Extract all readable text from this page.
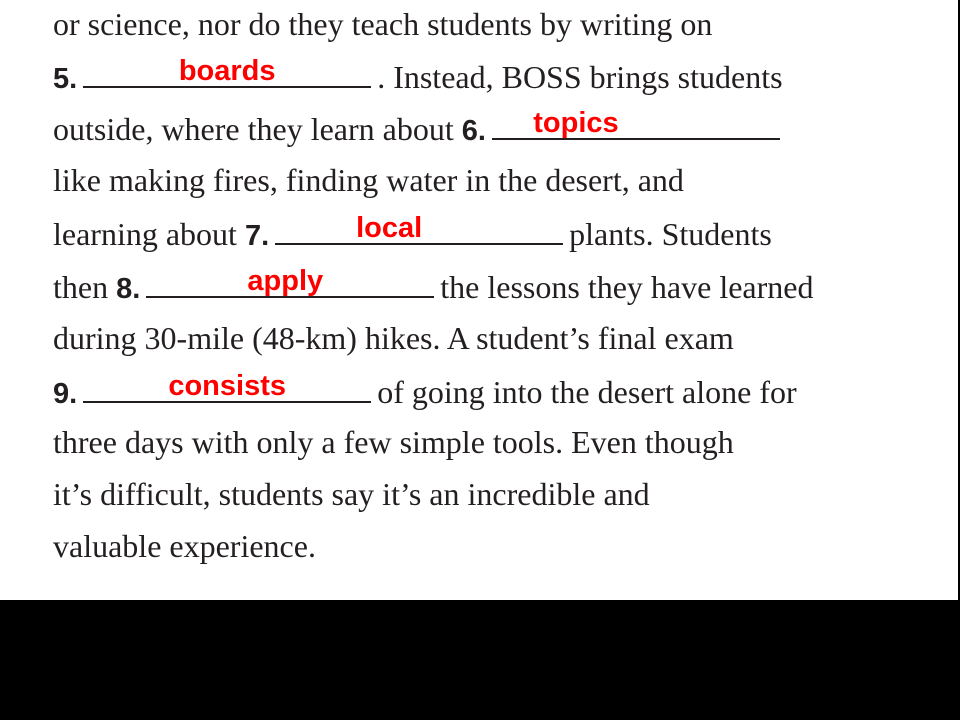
or science, nor do they teach students by writing on
5.	boards	. Instead, BOSS brings students
outside, where they learn about 6.	topics
like making fires, finding water in the desert, and
learning about 7.	local	plants. Students
then 8.	apply	the lessons they have learned
during 30-mile (48-km) hikes. A student’s final exam
9.	consists	of going into the desert alone for
three days with only a few simple tools. Even though
it’s difficult, students say it’s an incredible and
valuable experience.
